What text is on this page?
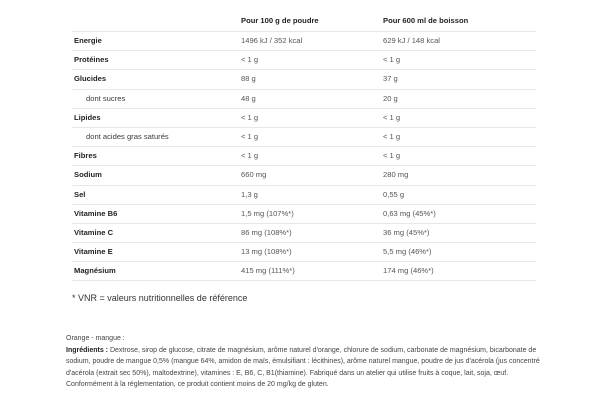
Pour 100 g de poudre	Pour 600 ml de boisson
Energie	1496 kJ / 352 kcal	629 kJ / 148 kcal
Protéines	< 1 g	< 1 g
Glucides	88 g	37 g
dont sucres	48 g	20 g
Lipides	< 1 g	< 1 g
dont acides gras saturés	< 1 g	< 1 g
Fibres	< 1 g	< 1 g
Sodium	660 mg	280 mg
Sel	1,3 g	0,55 g
Vitamine B6	1,5 mg (107%*)	0,63 mg (45%*)
Vitamine C	86 mg (108%*)	36 mg (45%*)
Vitamine E	13 mg (108%*)	5,5 mg (46%*)
Magnésium	415 mg (111%*)	174 mg (46%*)
* VNR = valeurs nutritionnelles de référence
Orange - mangue :
Ingrédients : Dextrose, sirop de glucose, citrate de magnésium, arôme naturel d'orange, chlorure de sodium, carbonate de magnésium, bicarbonate de sodium, poudre de mangue 0,5% (mangue 64%, amidon de maïs, émulsifiant : lécithines), arôme naturel mangue, poudre de jus d'acérola (jus concentré d'acérola (extrait sec 50%), maltodextrine), vitamines : E, B6, C, B1(thiamine). Fabriqué dans un atelier qui utilise fruits à coque, lait, soja, œuf. Conformément à la réglementation, ce produit contient moins de 20 mg/kg de gluten.
